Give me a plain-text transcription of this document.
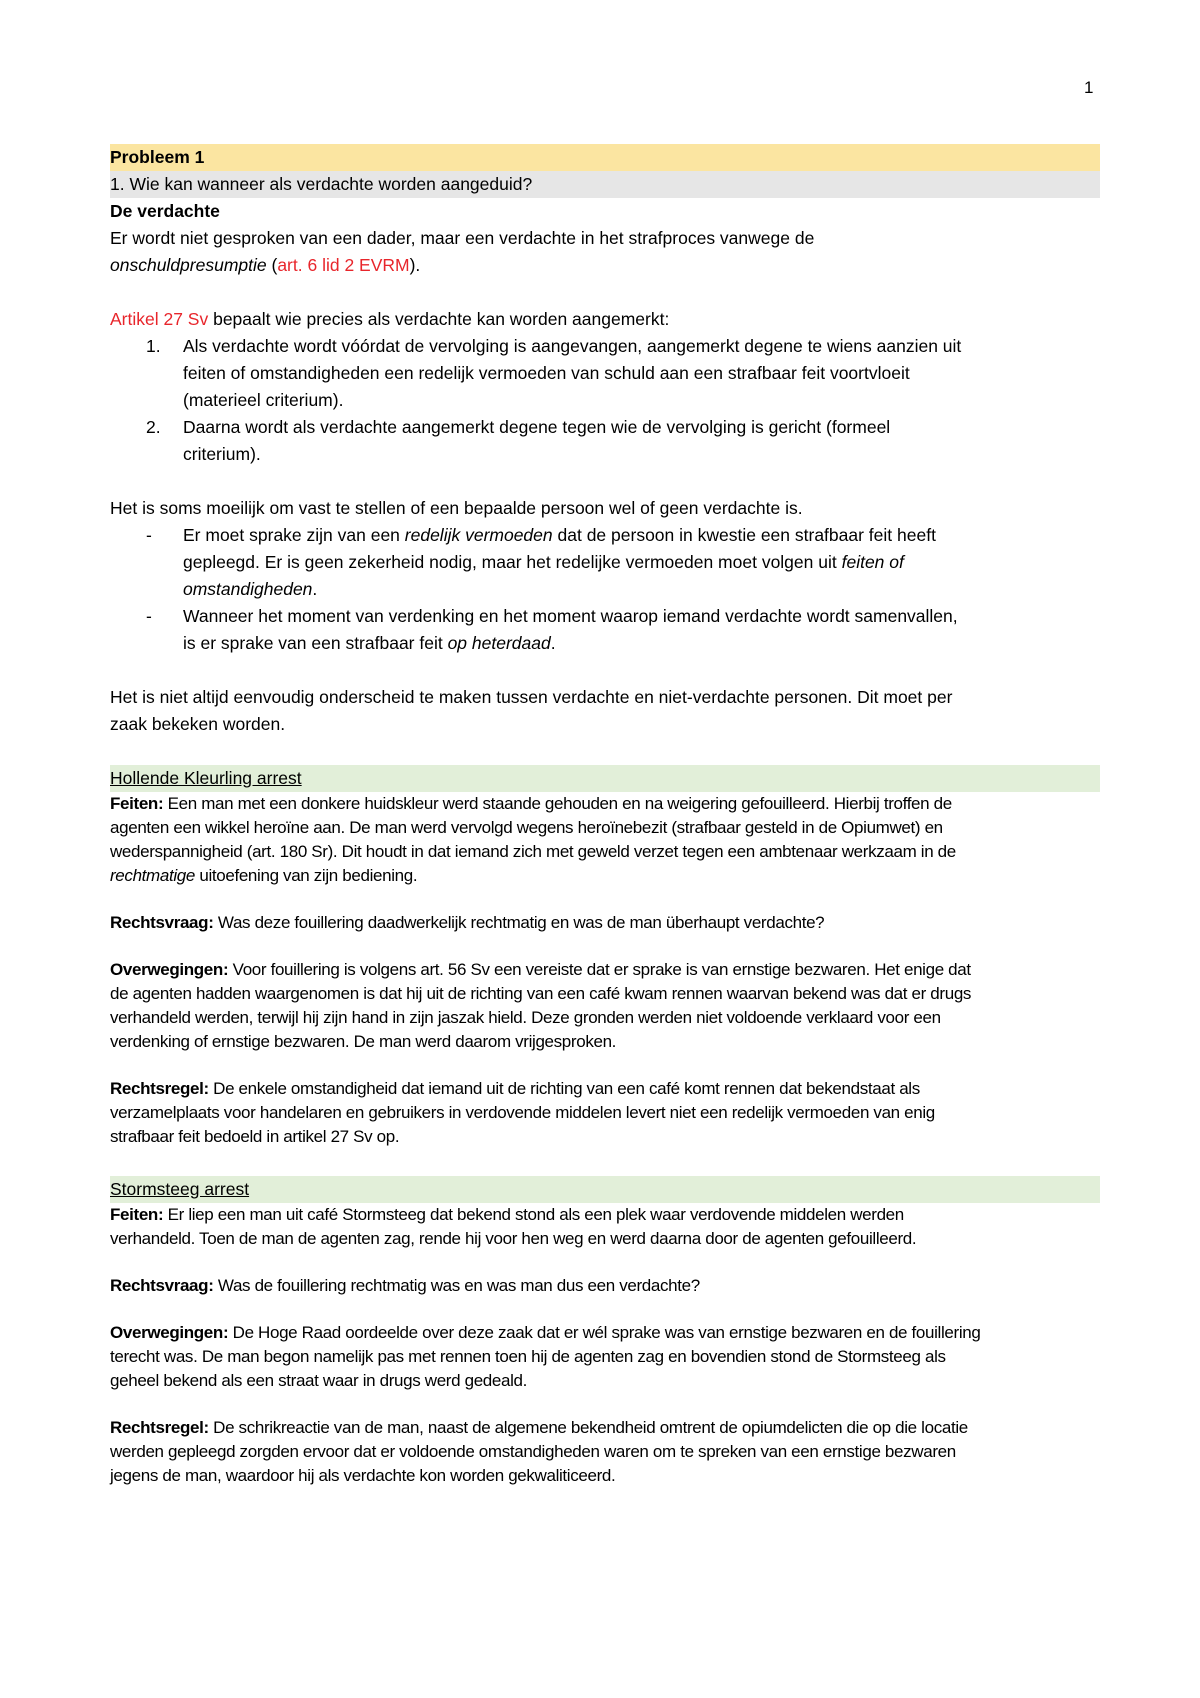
1
Probleem 1
1. Wie kan wanneer als verdachte worden aangeduid?
De verdachte
Er wordt niet gesproken van een dader, maar een verdachte in het strafproces vanwege de
onschuldpresumptie (art. 6 lid 2 EVRM).
Artikel 27 Sv bepaalt wie precies als verdachte kan worden aangemerkt:
1. Als verdachte wordt vóórdat de vervolging is aangevangen, aangemerkt degene te wiens aanzien uit
feiten of omstandigheden een redelijk vermoeden van schuld aan een strafbaar feit voortvloeit
(materieel criterium).
2. Daarna wordt als verdachte aangemerkt degene tegen wie de vervolging is gericht (formeel
criterium).
Het is soms moeilijk om vast te stellen of een bepaalde persoon wel of geen verdachte is.
- Er moet sprake zijn van een redelijk vermoeden dat de persoon in kwestie een strafbaar feit heeft
gepleegd. Er is geen zekerheid nodig, maar het redelijke vermoeden moet volgen uit feiten of
omstandigheden.
- Wanneer het moment van verdenking en het moment waarop iemand verdachte wordt samenvallen,
is er sprake van een strafbaar feit op heterdaad.
Het is niet altijd eenvoudig onderscheid te maken tussen verdachte en niet-verdachte personen. Dit moet per
zaak bekeken worden.
Hollende Kleurling arrest
Feiten: Een man met een donkere huidskleur werd staande gehouden en na weigering gefouilleerd. Hierbij troffen de
agenten een wikkel heroïne aan. De man werd vervolgd wegens heroïnebezit (strafbaar gesteld in de Opiumwet) en
wederspannigheid (art. 180 Sr). Dit houdt in dat iemand zich met geweld verzet tegen een ambtenaar werkzaam in de
rechtmatige uitoefening van zijn bediening.
Rechtsvraag: Was deze fouillering daadwerkelijk rechtmatig en was de man überhaupt verdachte?
Overwegingen: Voor fouillering is volgens art. 56 Sv een vereiste dat er sprake is van ernstige bezwaren. Het enige dat
de agenten hadden waargenomen is dat hij uit de richting van een café kwam rennen waarvan bekend was dat er drugs
verhandeld werden, terwijl hij zijn hand in zijn jaszak hield. Deze gronden werden niet voldoende verklaard voor een
verdenking of ernstige bezwaren. De man werd daarom vrijgesproken.
Rechtsregel: De enkele omstandigheid dat iemand uit de richting van een café komt rennen dat bekendstaat als
verzamelplaats voor handelaren en gebruikers in verdovende middelen levert niet een redelijk vermoeden van enig
strafbaar feit bedoeld in artikel 27 Sv op.
Stormsteeg arrest
Feiten: Er liep een man uit café Stormsteeg dat bekend stond als een plek waar verdovende middelen werden
verhandeld. Toen de man de agenten zag, rende hij voor hen weg en werd daarna door de agenten gefouilleerd.
Rechtsvraag: Was de fouillering rechtmatig was en was man dus een verdachte?
Overwegingen: De Hoge Raad oordeelde over deze zaak dat er wél sprake was van ernstige bezwaren en de fouillering
terecht was. De man begon namelijk pas met rennen toen hij de agenten zag en bovendien stond de Stormsteeg als
geheel bekend als een straat waar in drugs werd gedeald.
Rechtsregel: De schrikreactie van de man, naast de algemene bekendheid omtrent de opiumdelicten die op die locatie
werden gepleegd zorgden ervoor dat er voldoende omstandigheden waren om te spreken van een ernstige bezwaren
jegens de man, waardoor hij als verdachte kon worden gekwaliticeerd.
